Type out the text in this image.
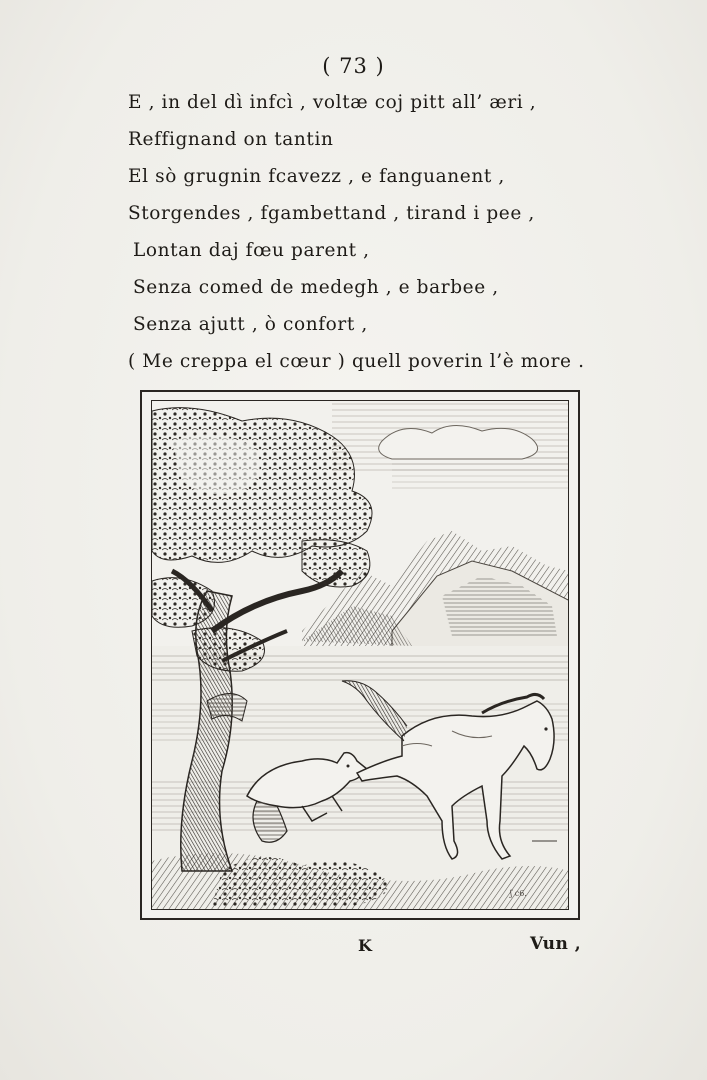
( 73 )
E , in del dì infcì , voltæ coj pitt all’ æri ,
Reffignand on tantin
El sò grugnin fcavezz , e fanguanent ,
Storgendes , fgambettand , tirand i pee ,
Lontan daj fœu parent ,
Senza comed de medegh , e barbee ,
Senza ajutt , ò confort ,
( Me creppa el cœur ) quell poverin l’è more .
ʃ c6.
K	Vun ,
